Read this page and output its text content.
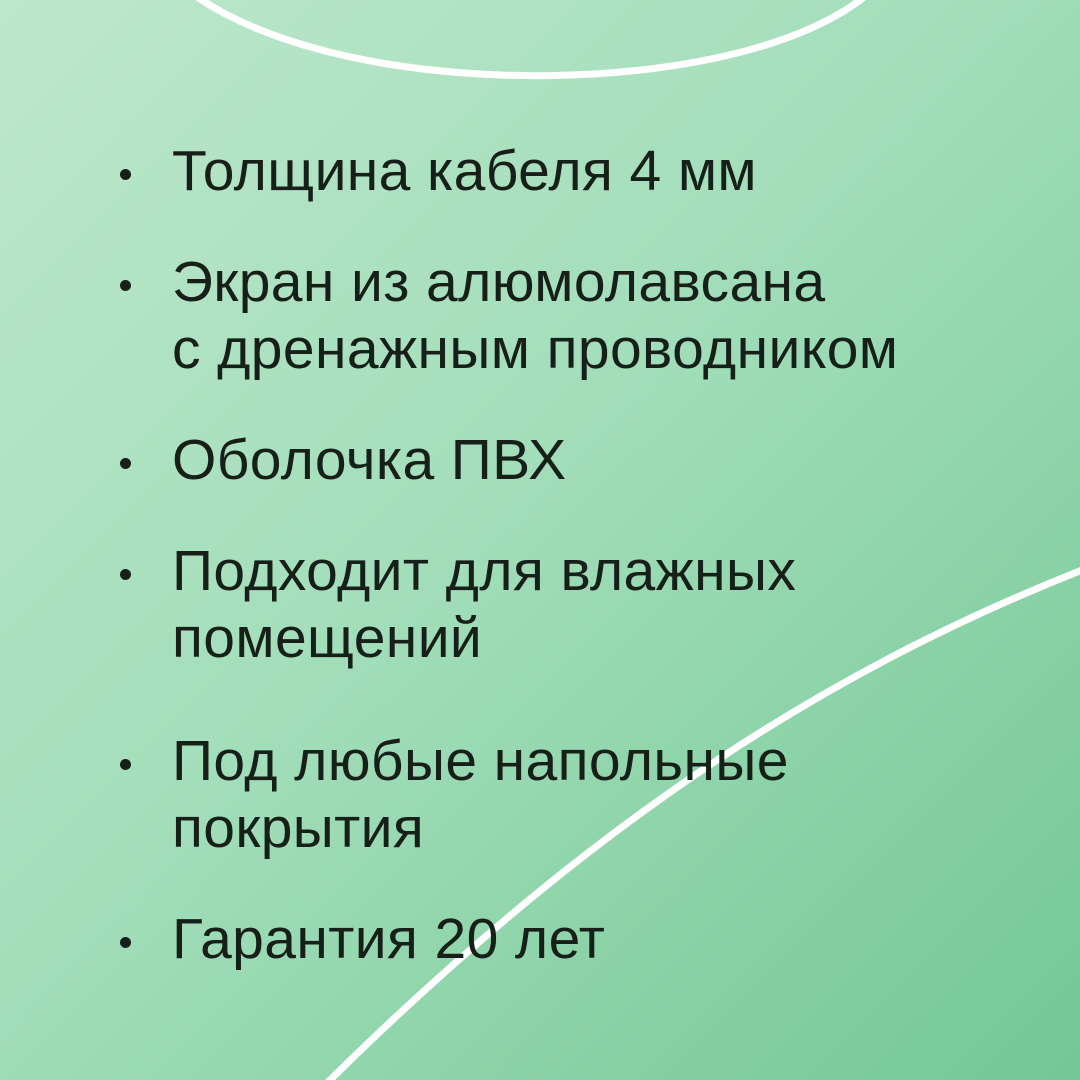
Толщина кабеля 4 мм
Экран из алюмолавсана
с дренажным проводником
Оболочка ПВХ
Подходит для влажных
помещений
Под любые напольные
покрытия
Гарантия 20 лет
